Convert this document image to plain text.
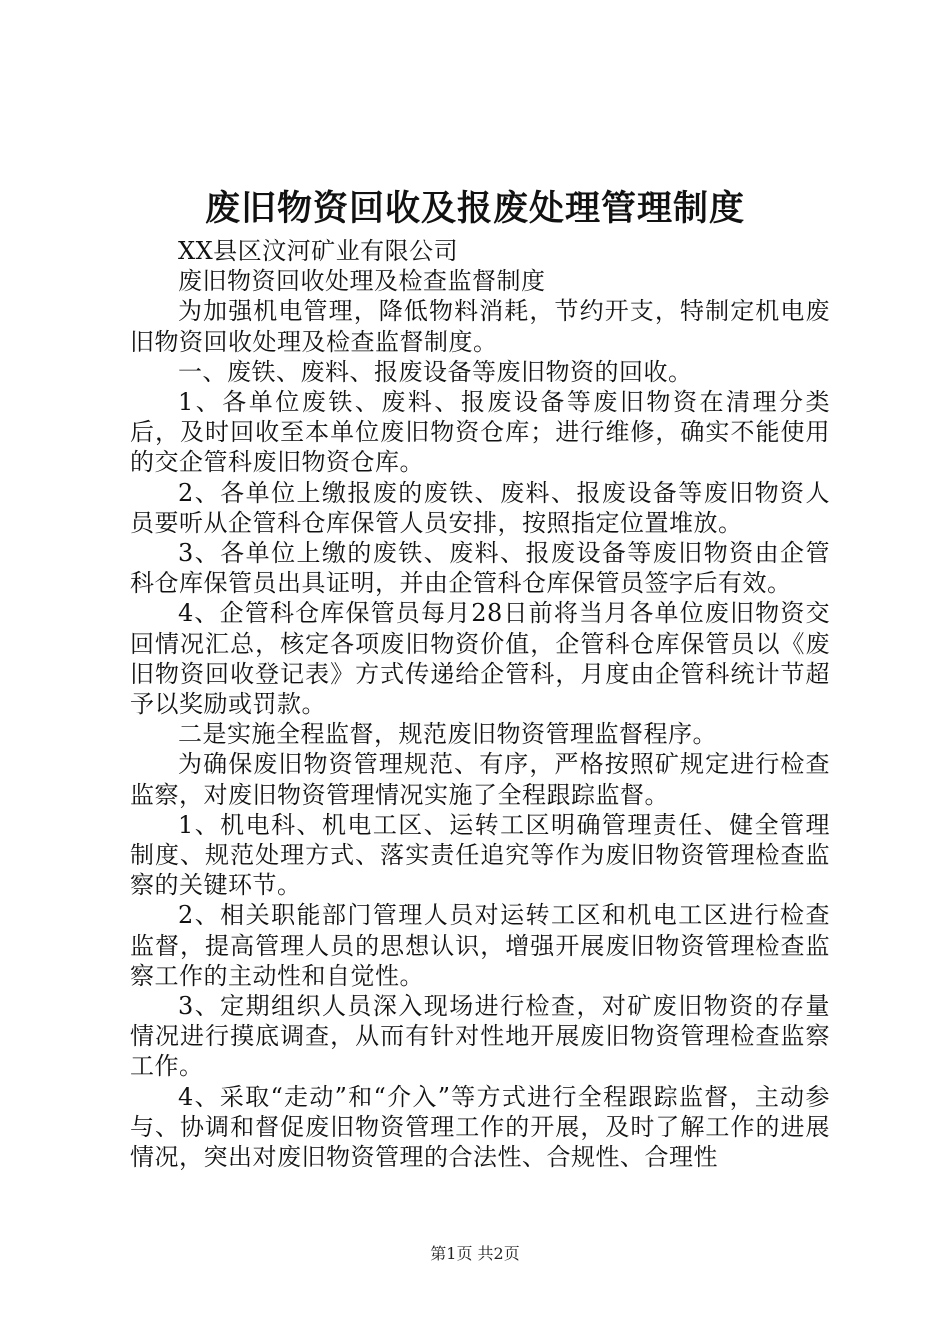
废旧物资回收及报废处理管理制度

XX县区汶河矿业有限公司

废旧物资回收处理及检查监督制度

为加强机电管理，降低物料消耗，节约开支，特制定机电废旧物资回收处理及检查监督制度。

一、废铁、废料、报废设备等废旧物资的回收。

1、各单位废铁、废料、报废设备等废旧物资在清理分类后，及时回收至本单位废旧物资仓库；进行维修，确实不能使用的交企管科废旧物资仓库。

2、各单位上缴报废的废铁、废料、报废设备等废旧物资人员要听从企管科仓库保管人员安排，按照指定位置堆放。

3、各单位上缴的废铁、废料、报废设备等废旧物资由企管科仓库保管员出具证明，并由企管科仓库保管员签字后有效。

4、企管科仓库保管员每月28日前将当月各单位废旧物资交回情况汇总，核定各项废旧物资价值，企管科仓库保管员以《废旧物资回收登记表》方式传递给企管科，月度由企管科统计节超予以奖励或罚款。

二是实施全程监督，规范废旧物资管理监督程序。

为确保废旧物资管理规范、有序，严格按照矿规定进行检查监察，对废旧物资管理情况实施了全程跟踪监督。

1、机电科、机电工区、运转工区明确管理责任、健全管理制度、规范处理方式、落实责任追究等作为废旧物资管理检查监察的关键环节。

2、相关职能部门管理人员对运转工区和机电工区进行检查监督，提高管理人员的思想认识，增强开展废旧物资管理检查监察工作的主动性和自觉性。

3、定期组织人员深入现场进行检查，对矿废旧物资的存量情况进行摸底调查，从而有针对性地开展废旧物资管理检查监察工作。

4、采取“走动”和“介入”等方式进行全程跟踪监督，主动参与、协调和督促废旧物资管理工作的开展，及时了解工作的进展情况，突出对废旧物资管理的合法性、合规性、合理性

第1页 共2页
